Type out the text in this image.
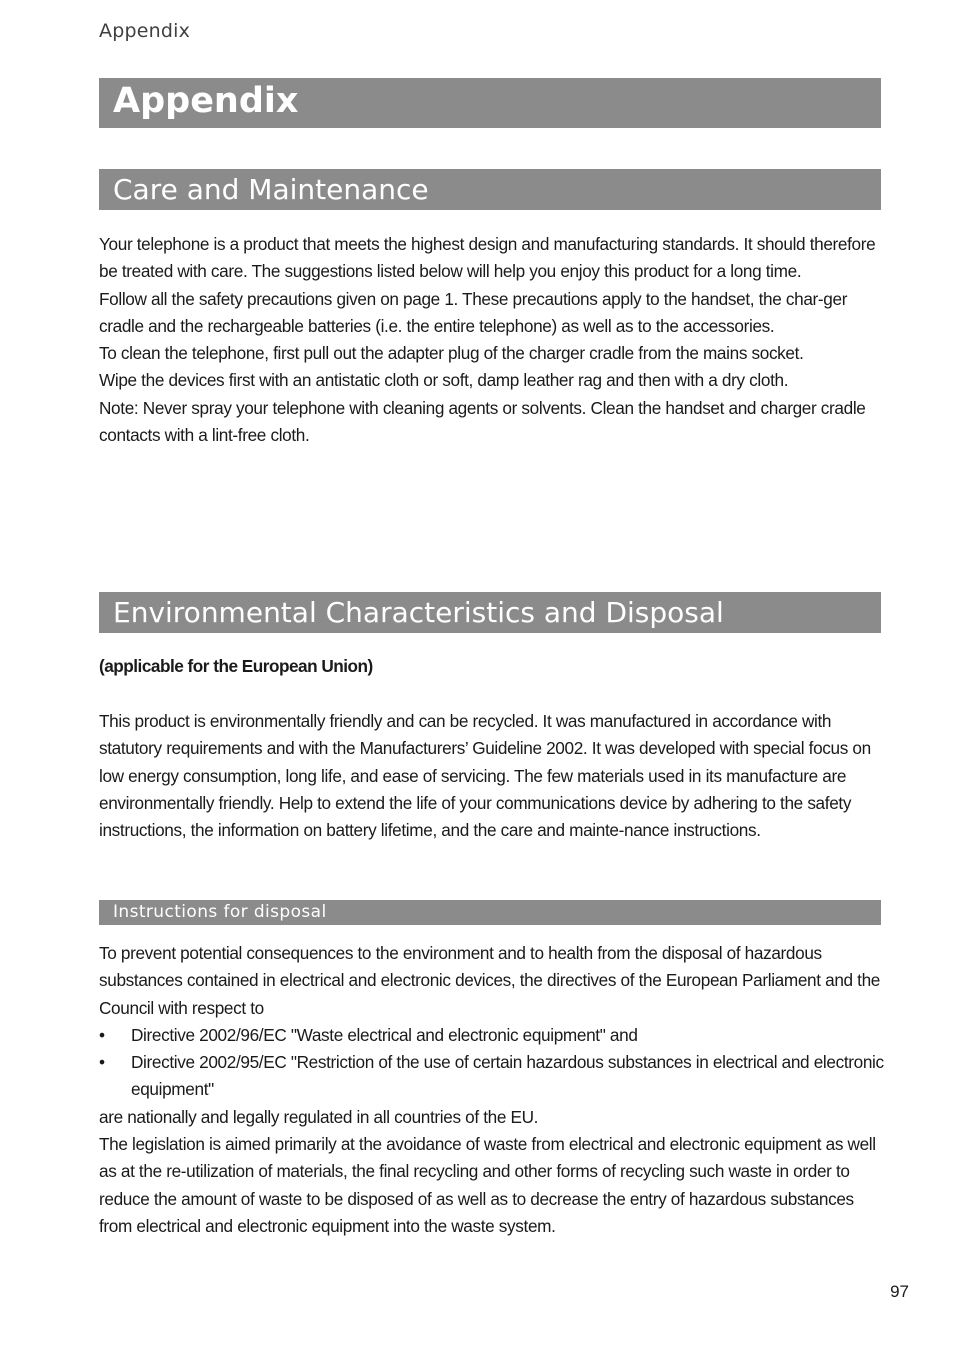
Appendix
Appendix
Care and Maintenance

Your telephone is a product that meets the highest design and manufacturing standards. It should therefore be treated with care. The suggestions listed below will help you enjoy this product for a long time.

Follow all the safety precautions given on page 1. These precautions apply to the handset, the char-ger cradle and the rechargeable batteries (i.e. the entire telephone) as well as to the accessories.

To clean the telephone, first pull out the adapter plug of the charger cradle from the mains socket.

Wipe the devices first with an antistatic cloth or soft, damp leather rag and then with a dry cloth.

Note: Never spray your telephone with cleaning agents or solvents. Clean the handset and charger cradle contacts with a lint-free cloth.

Environmental Characteristics and Disposal
(applicable for the European Union)

This product is environmentally friendly and can be recycled. It was manufactured in accordance with statutory requirements and with the Manufacturers’ Guideline 2002. It was developed with special focus on low energy consumption, long life, and ease of servicing. The few materials used in its manufacture are environmentally friendly. Help to extend the life of your communications device by adhering to the safety instructions, the information on battery lifetime, and the care and mainte-nance instructions.

Instructions for disposal

To prevent potential consequences to the environment and to health from the disposal of hazardous substances contained in electrical and electronic devices, the directives of the European Parliament and the Council with respect to

• Directive 2002/96/EC "Waste electrical and electronic equipment" and
• Directive 2002/95/EC "Restriction of the use of certain hazardous substances in electrical and electronic equipment"

are nationally and legally regulated in all countries of the EU.

The legislation is aimed primarily at the avoidance of waste from electrical and electronic equipment as well as at the re-utilization of materials, the final recycling and other forms of recycling such waste in order to reduce the amount of waste to be disposed of as well as to decrease the entry of hazardous substances from electrical and electronic equipment into the waste system.

97
